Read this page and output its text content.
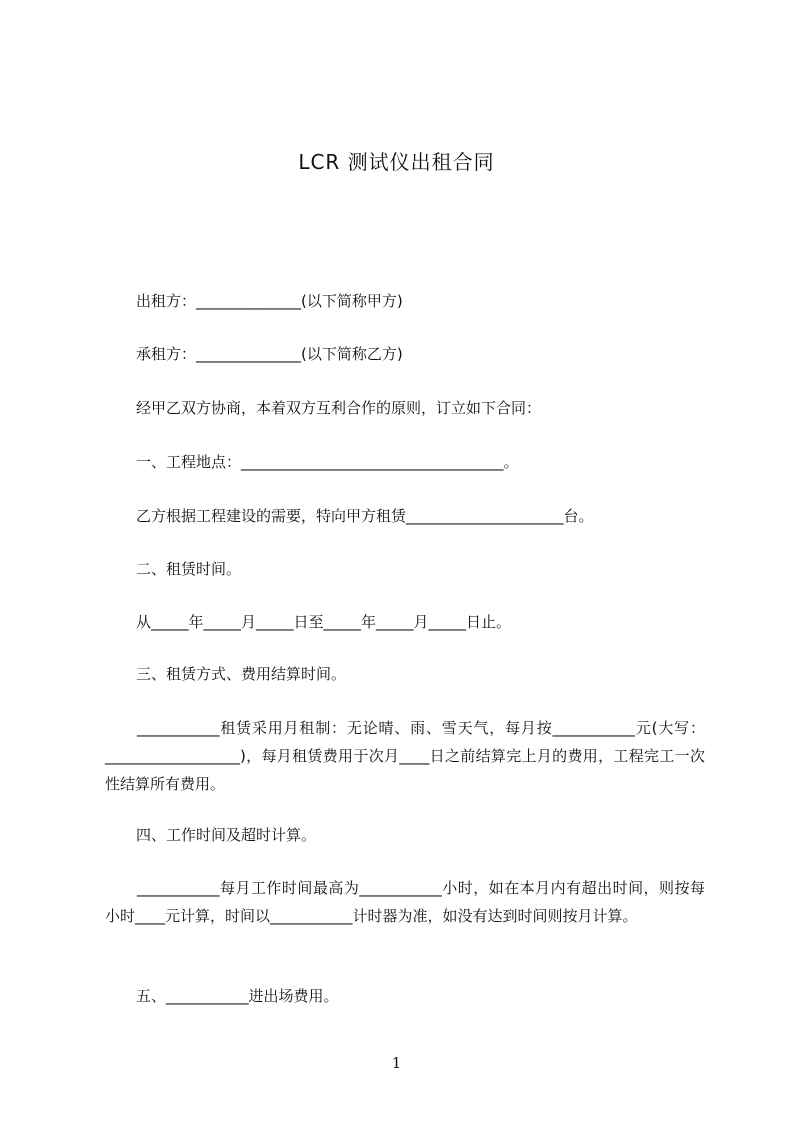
LCR 测试仪出租合同
出租方：______________(以下简称甲方)
承租方：______________(以下简称乙方)
经甲乙双方协商，本着双方互利合作的原则，订立如下合同：
一、工程地点：___________________________________。
乙方根据工程建设的需要，特向甲方租赁_____________________台。
二、租赁时间。
从_____年_____月_____日至_____年_____月_____日止。
三、租赁方式、费用结算时间。
___________租赁采用月租制：无论晴、雨、雪天气，每月按___________元(大写：__________________)，每月租赁费用于次月____日之前结算完上月的费用，工程完工一次性结算所有费用。
四、工作时间及超时计算。
___________每月工作时间最高为___________小时，如在本月内有超出时间，则按每小时____元计算，时间以___________计时器为准，如没有达到时间则按月计算。
五、___________进出场费用。
1
